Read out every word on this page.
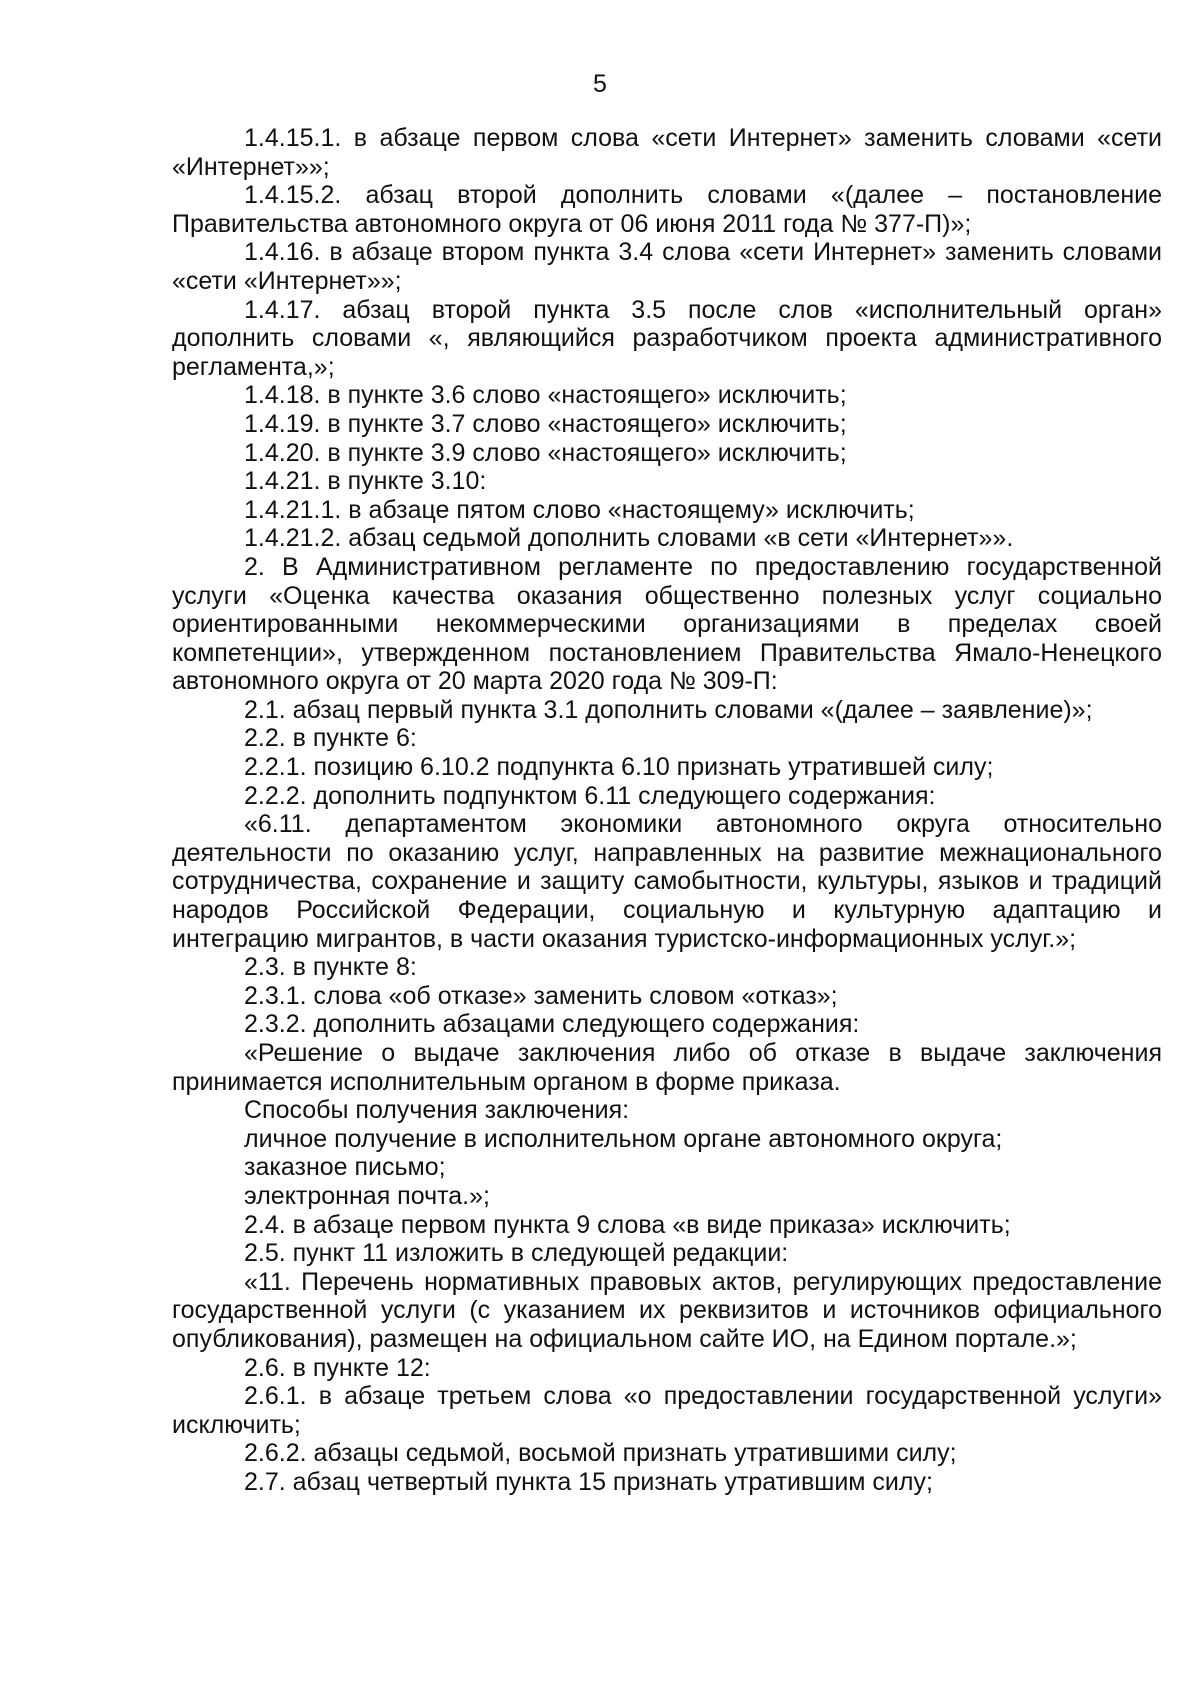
5

1.4.15.1. в абзаце первом слова «сети Интернет» заменить словами «сети «Интернет»»;

1.4.15.2. абзац второй дополнить словами «(далее – постановление Правительства автономного округа от 06 июня 2011 года № 377-П)»;

1.4.16. в абзаце втором пункта 3.4 слова «сети Интернет» заменить словами «сети «Интернет»»;

1.4.17. абзац второй пункта 3.5 после слов «исполнительный орган» дополнить словами «, являющийся разработчиком проекта административного регламента,»;

1.4.18. в пункте 3.6 слово «настоящего» исключить;

1.4.19. в пункте 3.7 слово «настоящего» исключить;

1.4.20. в пункте 3.9 слово «настоящего» исключить;

1.4.21. в пункте 3.10:

1.4.21.1. в абзаце пятом слово «настоящему» исключить;

1.4.21.2. абзац седьмой дополнить словами «в сети «Интернет»».

2. В Административном регламенте по предоставлению государственной услуги «Оценка качества оказания общественно полезных услуг социально ориентированными некоммерческими организациями в пределах своей компетенции», утвержденном постановлением Правительства Ямало-Ненецкого автономного округа от 20 марта 2020 года № 309-П:

2.1. абзац первый пункта 3.1 дополнить словами «(далее – заявление)»;

2.2. в пункте 6:

2.2.1. позицию 6.10.2 подпункта 6.10 признать утратившей силу;

2.2.2. дополнить подпунктом 6.11 следующего содержания:

«6.11. департаментом экономики автономного округа относительно деятельности по оказанию услуг, направленных на развитие межнационального сотрудничества, сохранение и защиту самобытности, культуры, языков и традиций народов Российской Федерации, социальную и культурную адаптацию и интеграцию мигрантов, в части оказания туристско-информационных услуг.»;

2.3. в пункте 8:

2.3.1. слова «об отказе» заменить словом «отказ»;

2.3.2. дополнить абзацами следующего содержания:

«Решение о выдаче заключения либо об отказе в выдаче заключения принимается исполнительным органом в форме приказа.

Способы получения заключения:

личное получение в исполнительном органе автономного округа;

заказное письмо;

электронная почта.»;

2.4. в абзаце первом пункта 9 слова «в виде приказа» исключить;

2.5. пункт 11 изложить в следующей редакции:

«11. Перечень нормативных правовых актов, регулирующих предоставление государственной услуги (с указанием их реквизитов и источников официального опубликования), размещен на официальном сайте ИО, на Едином портале.»;

2.6. в пункте 12:

2.6.1. в абзаце третьем слова «о предоставлении государственной услуги» исключить;

2.6.2. абзацы седьмой, восьмой признать утратившими силу;

2.7. абзац четвертый пункта 15 признать утратившим силу;
